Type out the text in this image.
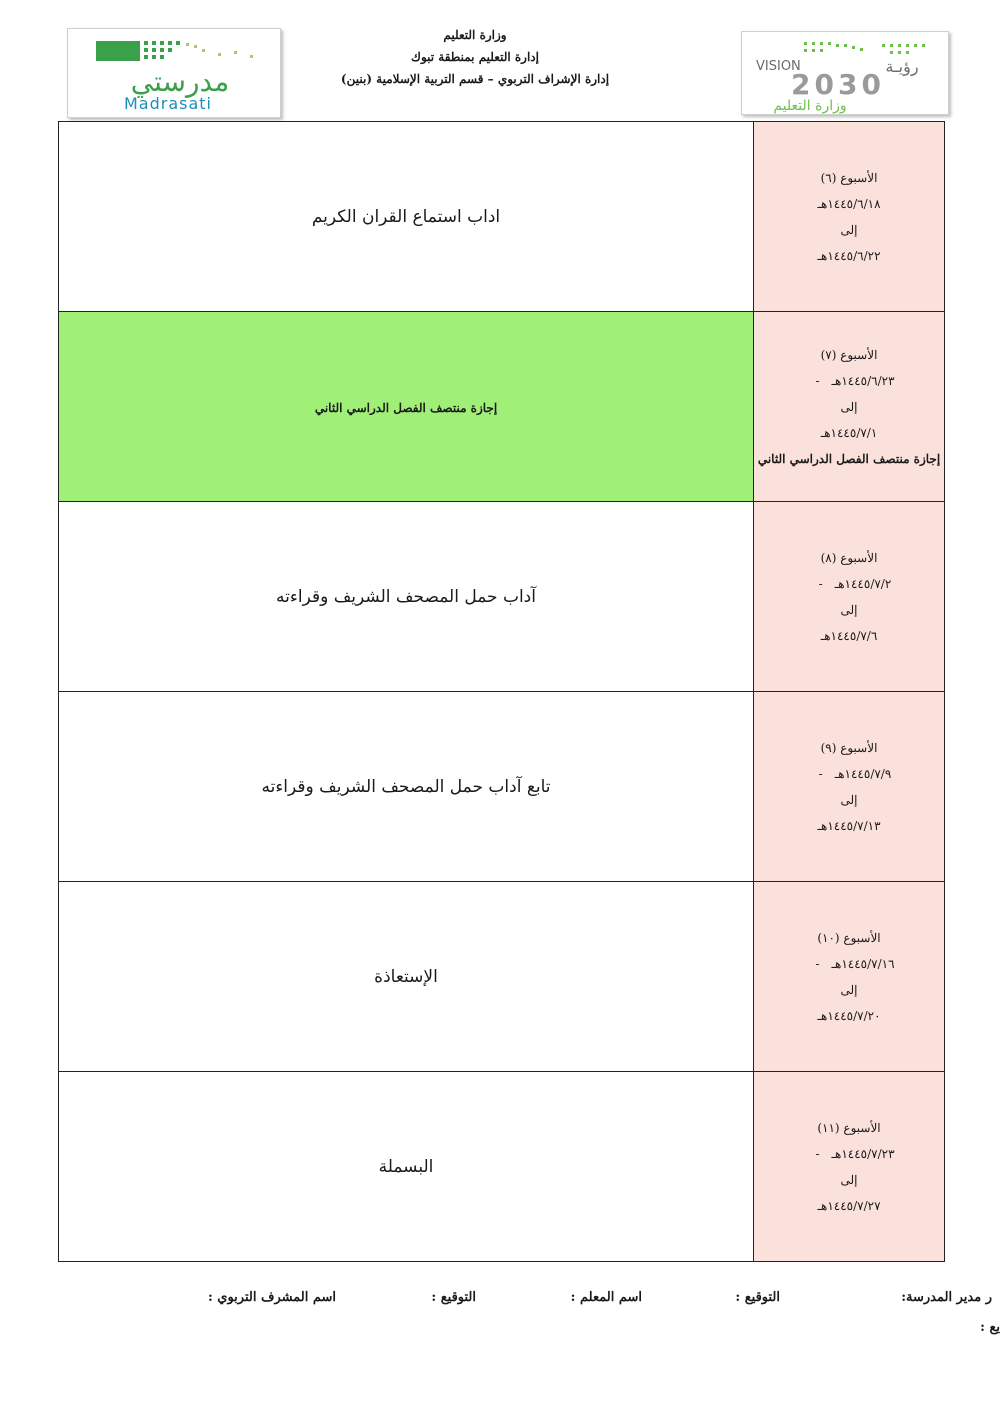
مدرستي
Madrasati
وزارة التعليم
إدارة التعليم بمنطقة تبوك
إدارة الإشراف التربوي – قسم التربية الإسلامية (بنين)
VISION	رؤيـة
2030
وزارة التعليم
اداب استماع القران الكريم	الأسبوع (٦)
١٤٤٥/٦/١٨هـ
إلى
١٤٤٥/٦/٢٢هـ

إجازة منتصف الفصل الدراسي الثاني	الأسبوع (٧)
١٤٤٥/٦/٢٣هـ-
إلى
١٤٤٥/٧/١هـ
إجازة منتصف الفصل الدراسي الثاني

آداب حمل المصحف الشريف وقراءته	الأسبوع (٨)
١٤٤٥/٧/٢هـ-
إلى
١٤٤٥/٧/٦هـ

تابع آداب حمل المصحف الشريف وقراءته	الأسبوع (٩)
١٤٤٥/٧/٩هـ-
إلى
١٤٤٥/٧/١٣هـ

الإستعاذة	الأسبوع (١٠)
١٤٤٥/٧/١٦هـ-
إلى
١٤٤٥/٧/٢٠هـ

البسملة	الأسبوع (١١)
١٤٤٥/٧/٢٣هـ-
إلى
١٤٤٥/٧/٢٧هـ
ر مدير المدرسة:
التوقيع :
اسم المعلم :
التوقيع :
اسم المشرف التربوي :
يع :
